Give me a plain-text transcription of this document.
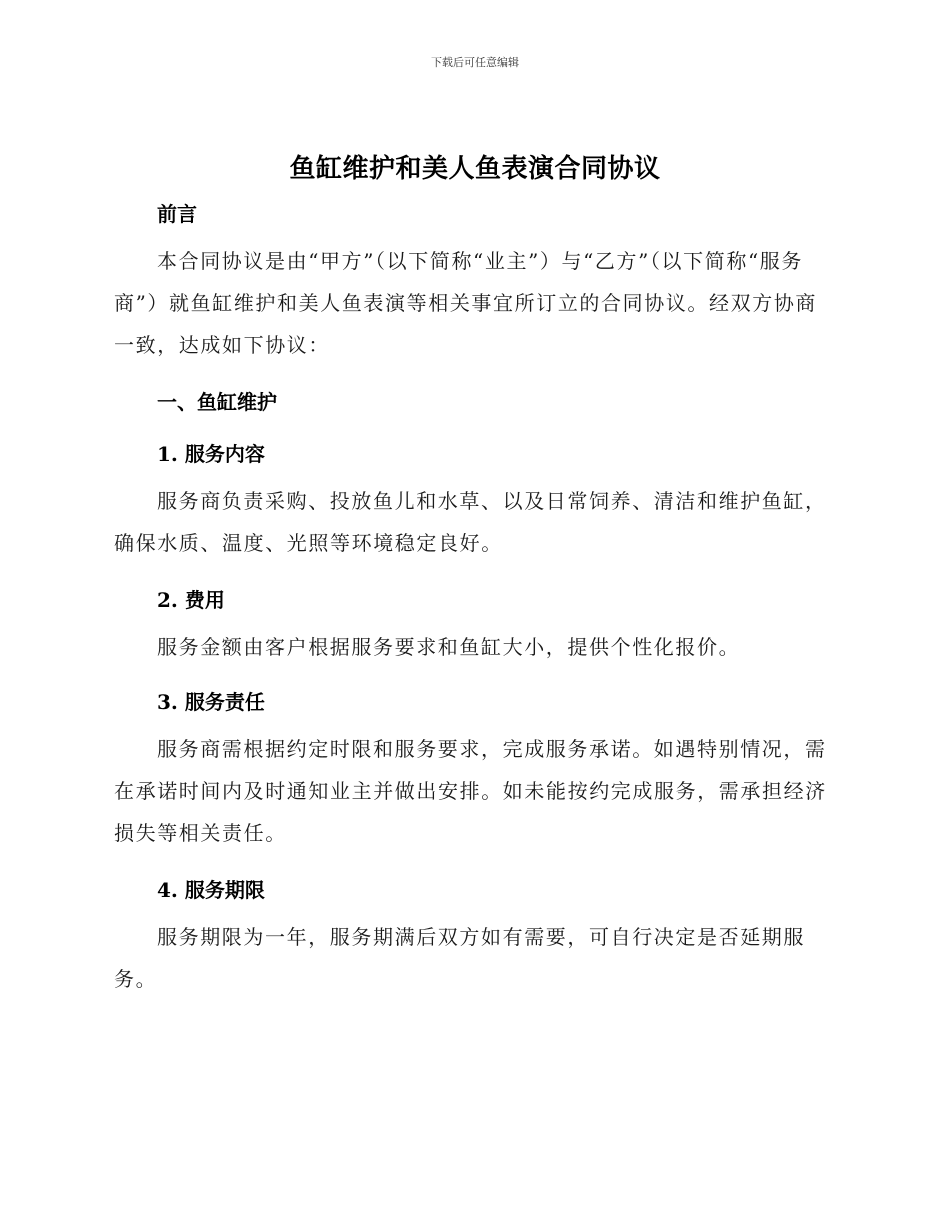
下载后可任意编辑
鱼缸维护和美人鱼表演合同协议
前言

本合同协议是由“甲方”（以下简称“业主”）与“乙方”（以下简称“服务商”）就鱼缸维护和美人鱼表演等相关事宜所订立的合同协议。经双方协商一致，达成如下协议：

一、鱼缸维护
1. 服务内容

服务商负责采购、投放鱼儿和水草、以及日常饲养、清洁和维护鱼缸，确保水质、温度、光照等环境稳定良好。

2. 费用

服务金额由客户根据服务要求和鱼缸大小，提供个性化报价。

3. 服务责任

服务商需根据约定时限和服务要求，完成服务承诺。如遇特别情况，需在承诺时间内及时通知业主并做出安排。如未能按约完成服务，需承担经济损失等相关责任。

4. 服务期限

服务期限为一年，服务期满后双方如有需要，可自行决定是否延期服务。
